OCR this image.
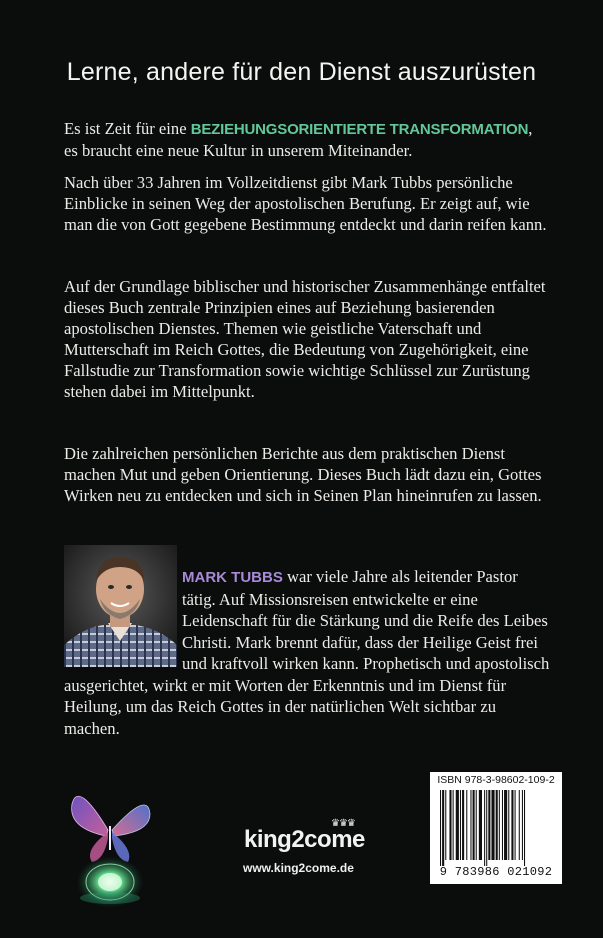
Lerne, andere für den Dienst auszurüsten

Es ist Zeit für eine BEZIEHUNGSORIENTIERTE TRANSFORMATION, es braucht eine neue Kultur in unserem Miteinander.

Nach über 33 Jahren im Vollzeitdienst gibt Mark Tubbs persönliche Einblicke in seinen Weg der apostolischen Berufung. Er zeigt auf, wie man die von Gott gegebene Bestimmung entdeckt und darin reifen kann.

Auf der Grundlage biblischer und historischer Zusammenhänge entfaltet dieses Buch zentrale Prinzipien eines auf Beziehung basierenden apostolischen Dienstes. Themen wie geistliche Vaterschaft und Mutterschaft im Reich Gottes, die Bedeutung von Zugehörigkeit, eine Fallstudie zur Transformation sowie wichtige Schlüssel zur Zurüstung stehen dabei im Mittelpunkt.

Die zahlreichen persönlichen Berichte aus dem praktischen Dienst machen Mut und geben Orientierung. Dieses Buch lädt dazu ein, Gottes Wirken neu zu entdecken und sich in Seinen Plan hineinrufen zu lassen.

MARK TUBBS war viele Jahre als leitender Pastor tätig. Auf Missionsreisen entwickelte er eine Leidenschaft für die Stärkung und die Reife des Leibes Christi. Mark brennt dafür, dass der Heilige Geist frei und kraftvoll wirken kann. Prophetisch und apostolisch ausgerichtet, wirkt er mit Worten der Erkenntnis und im Dienst für Heilung, um das Reich Gottes in der natürlichen Welt sichtbar zu machen.

♛♛♛
king2come
www.king2come.de
ISBN 978-3-98602-109-2
9 783986 021092
